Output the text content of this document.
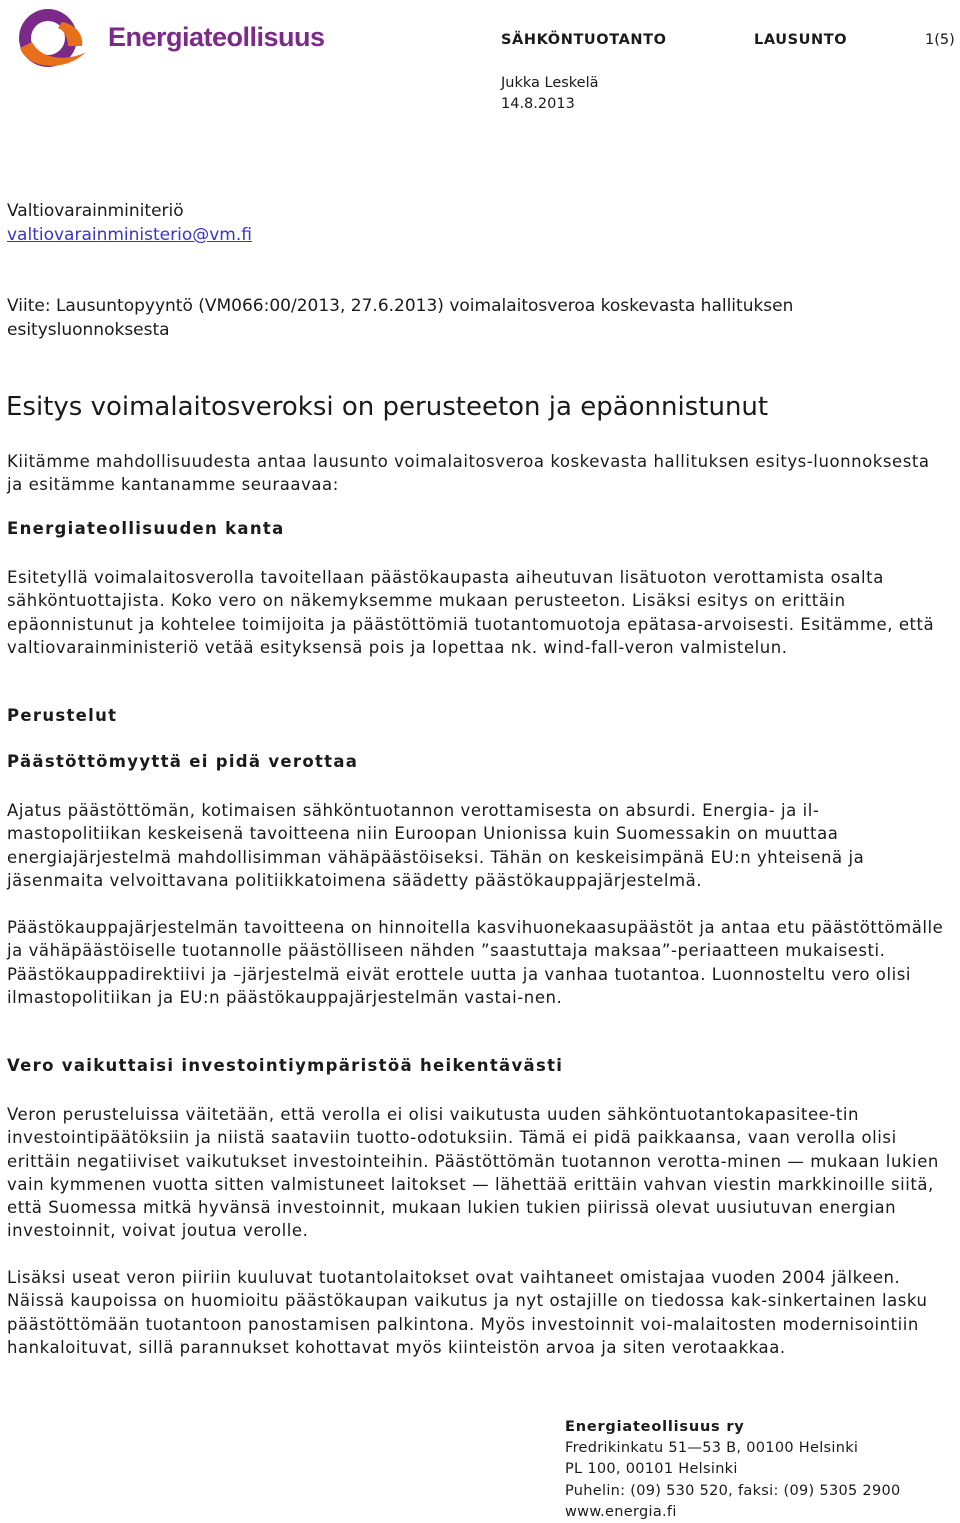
Energiateollisuus	SÄHKÖNTUOTANTO	LAUSUNTO	1(5)
Jukka Leskelä
14.8.2013
Valtiovarainminiteriö
valtiovarainministerio@vm.fi
Viite: Lausuntopyyntö (VM066:00/2013, 27.6.2013) voimalaitosveroa koskevasta hallituksen esitysluonnoksesta
Esitys voimalaitosveroksi on perusteeton ja epäonnistunut

Kiitämme mahdollisuudesta antaa lausunto voimalaitosveroa koskevasta hallituksen esitys-luonnoksesta ja esitämme kantanamme seuraavaa:

Energiateollisuuden kanta

Esitetyllä voimalaitosverolla tavoitellaan päästökaupasta aiheutuvan lisätuoton verottamista osalta sähköntuottajista. Koko vero on näkemyksemme mukaan perusteeton. Lisäksi esitys on erittäin epäonnistunut ja kohtelee toimijoita ja päästöttömiä tuotantomuotoja epätasa-arvoisesti. Esitämme, että valtiovarainministeriö vetää esityksensä pois ja lopettaa nk. wind-fall-veron valmistelun.

Perustelut
Päästöttömyyttä ei pidä verottaa

Ajatus päästöttömän, kotimaisen sähköntuotannon verottamisesta on absurdi. Energia- ja il-mastopolitiikan keskeisenä tavoitteena niin Euroopan Unionissa kuin Suomessakin on muuttaa energiajärjestelmä mahdollisimman vähäpäästöiseksi. Tähän on keskeisimpänä EU:n yhteisenä ja jäsenmaita velvoittavana politiikkatoimena säädetty päästökauppajärjestelmä.

Päästökauppajärjestelmän tavoitteena on hinnoitella kasvihuonekaasupäästöt ja antaa etu päästöttömälle ja vähäpäästöiselle tuotannolle päästölliseen nähden ”saastuttaja maksaa”-periaatteen mukaisesti. Päästökauppadirektiivi ja –järjestelmä eivät erottele uutta ja vanhaa tuotantoa. Luonnosteltu vero olisi ilmastopolitiikan ja EU:n päästökauppajärjestelmän vastai-nen.

Vero vaikuttaisi investointiympäristöä heikentävästi

Veron perusteluissa väitetään, että verolla ei olisi vaikutusta uuden sähköntuotantokapasitee-tin investointipäätöksiin ja niistä saataviin tuotto-odotuksiin. Tämä ei pidä paikkaansa, vaan verolla olisi erittäin negatiiviset vaikutukset investointeihin. Päästöttömän tuotannon verotta-minen — mukaan lukien vain kymmenen vuotta sitten valmistuneet laitokset — lähettää erittäin vahvan viestin markkinoille siitä, että Suomessa mitkä hyvänsä investoinnit, mukaan lukien tukien piirissä olevat uusiutuvan energian investoinnit, voivat joutua verolle.

Lisäksi useat veron piiriin kuuluvat tuotantolaitokset ovat vaihtaneet omistajaa vuoden 2004 jälkeen. Näissä kaupoissa on huomioitu päästökaupan vaikutus ja nyt ostajille on tiedossa kak-sinkertainen lasku päästöttömään tuotantoon panostamisen palkintona. Myös investoinnit voi-malaitosten modernisointiin hankaloituvat, sillä parannukset kohottavat myös kiinteistön arvoa ja siten verotaakkaa.

Energiateollisuus ry
Fredrikinkatu 51—53 B, 00100 Helsinki
PL 100, 00101 Helsinki
Puhelin: (09) 530 520, faksi: (09) 5305 2900
www.energia.fi
